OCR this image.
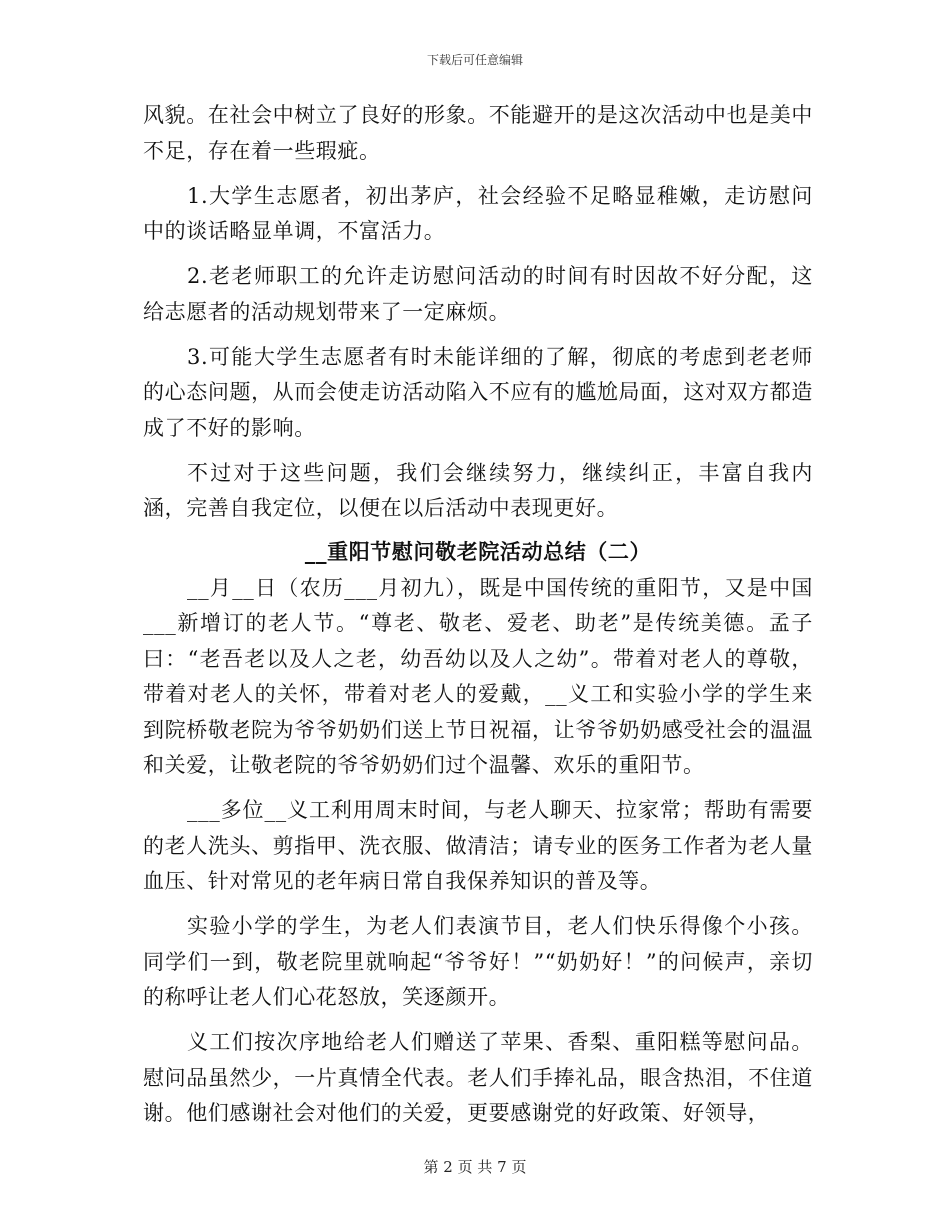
下载后可任意编辑

风貌。在社会中树立了良好的形象。不能避开的是这次活动中也是美中不足，存在着一些瑕疵。

1.大学生志愿者，初出茅庐，社会经验不足略显稚嫩，走访慰问中的谈话略显单调，不富活力。

2.老老师职工的允许走访慰问活动的时间有时因故不好分配，这给志愿者的活动规划带来了一定麻烦。

3.可能大学生志愿者有时未能详细的了解，彻底的考虑到老老师的心态问题，从而会使走访活动陷入不应有的尴尬局面，这对双方都造成了不好的影响。

不过对于这些问题，我们会继续努力，继续纠正，丰富自我内涵，完善自我定位，以便在以后活动中表现更好。

__重阳节慰问敬老院活动总结（二）

__月__日（农历___月初九），既是中国传统的重阳节，又是中国___新增订的老人节。“尊老、敬老、爱老、助老”是传统美德。孟子曰：“老吾老以及人之老，幼吾幼以及人之幼”。带着对老人的尊敬，带着对老人的关怀，带着对老人的爱戴，__义工和实验小学的学生来到院桥敬老院为爷爷奶奶们送上节日祝福，让爷爷奶奶感受社会的温温和关爱，让敬老院的爷爷奶奶们过个温馨、欢乐的重阳节。

___多位__义工利用周末时间，与老人聊天、拉家常；帮助有需要的老人洗头、剪指甲、洗衣服、做清洁；请专业的医务工作者为老人量血压、针对常见的老年病日常自我保养知识的普及等。

实验小学的学生，为老人们表演节目，老人们快乐得像个小孩。同学们一到，敬老院里就响起“爷爷好！”“奶奶好！”的问候声，亲切的称呼让老人们心花怒放，笑逐颜开。

义工们按次序地给老人们赠送了苹果、香梨、重阳糕等慰问品。慰问品虽然少，一片真情全代表。老人们手捧礼品，眼含热泪，不住道谢。他们感谢社会对他们的关爱，更要感谢党的好政策、好领导，

第 2 页 共 7 页
